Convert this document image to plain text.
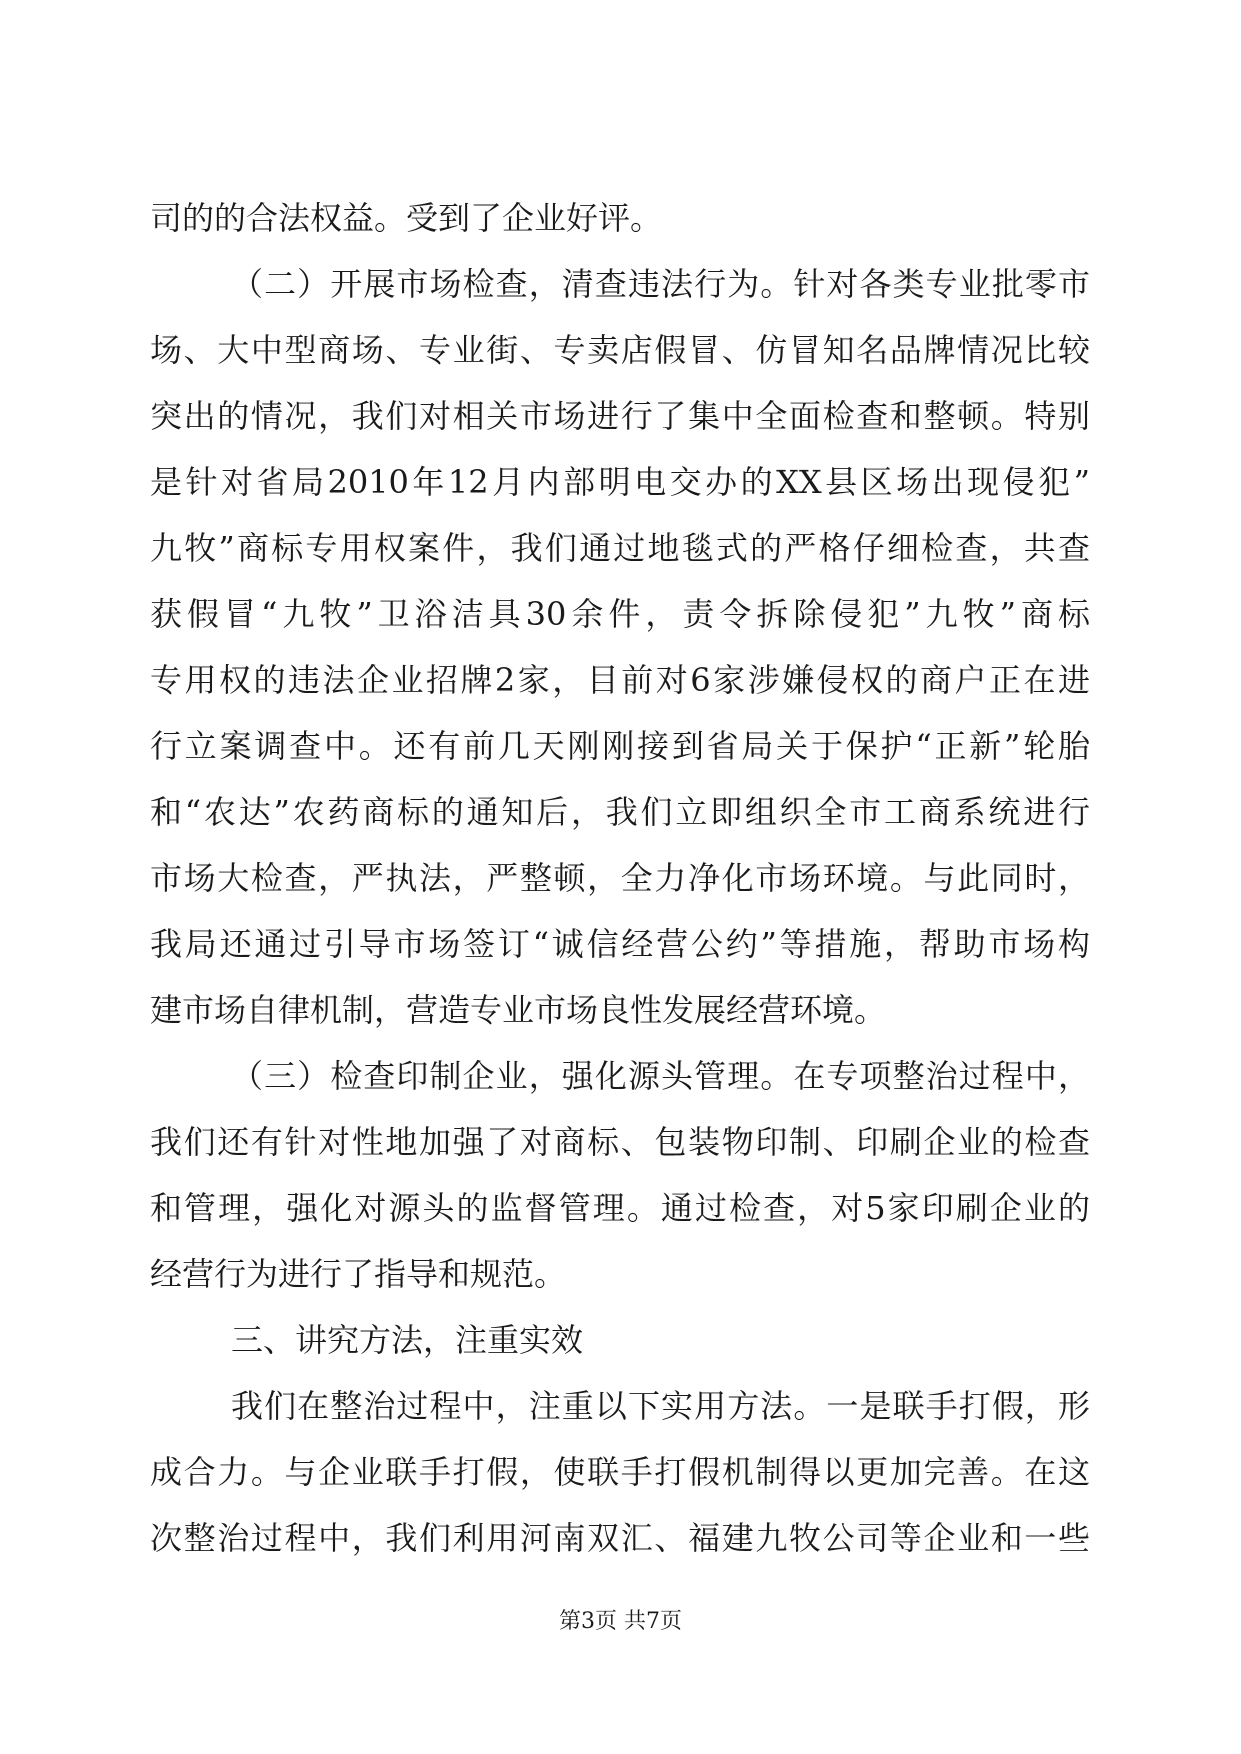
司的的合法权益。受到了企业好评。
（二）开展市场检查，清查违法行为。针对各类专业批零市
场、大中型商场、专业街、专卖店假冒、仿冒知名品牌情况比较
突出的情况，我们对相关市场进行了集中全面检查和整顿。特别
是针对省局2010年12月内部明电交办的XX县区场出现侵犯”
九牧”商标专用权案件，我们通过地毯式的严格仔细检查，共查
获假冒“九牧”卫浴洁具30余件，责令拆除侵犯”九牧”商标
专用权的违法企业招牌2家，目前对6家涉嫌侵权的商户正在进
行立案调查中。还有前几天刚刚接到省局关于保护“正新”轮胎
和“农达”农药商标的通知后，我们立即组织全市工商系统进行
市场大检查，严执法，严整顿，全力净化市场环境。与此同时，
我局还通过引导市场签订“诚信经营公约”等措施，帮助市场构
建市场自律机制，营造专业市场良性发展经营环境。
（三）检查印制企业，强化源头管理。在专项整治过程中，
我们还有针对性地加强了对商标、包装物印制、印刷企业的检查
和管理，强化对源头的监督管理。通过检查，对5家印刷企业的
经营行为进行了指导和规范。
三、讲究方法，注重实效
我们在整治过程中，注重以下实用方法。一是联手打假，形
成合力。与企业联手打假，使联手打假机制得以更加完善。在这
次整治过程中，我们利用河南双汇、福建九牧公司等企业和一些
第3页 共7页
